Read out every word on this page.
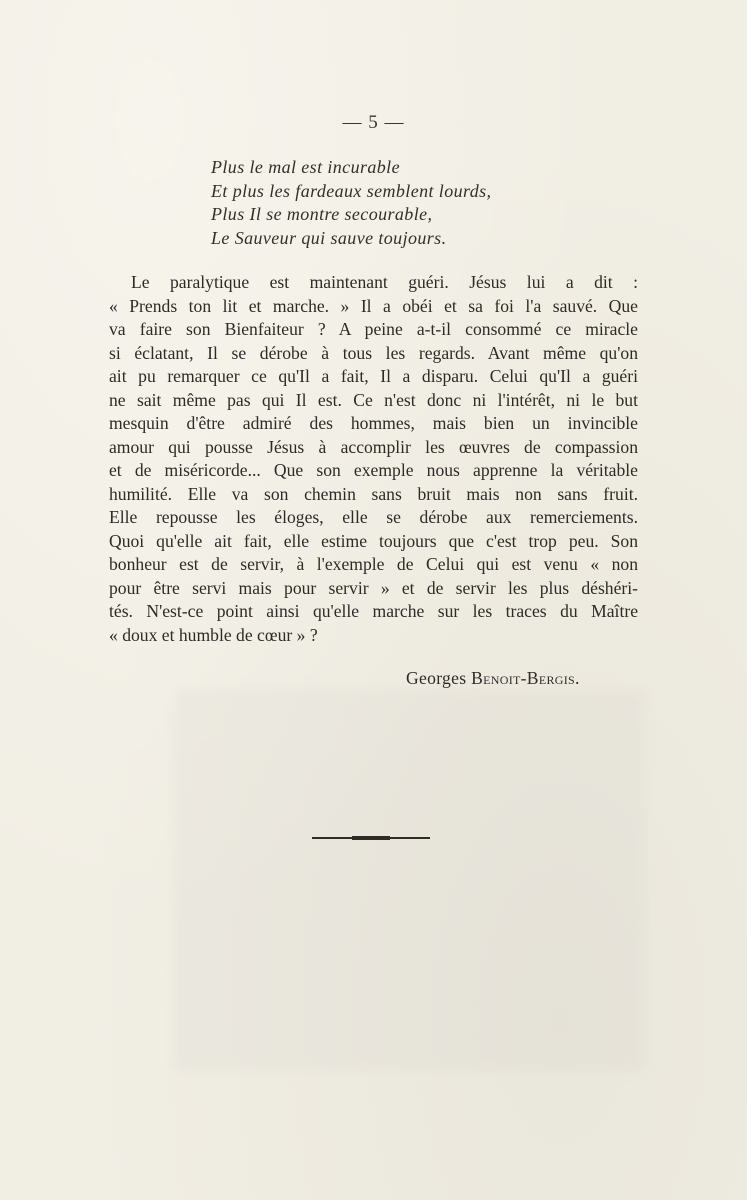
— 5 —
Plus le mal est incurable
Et plus les fardeaux semblent lourds,
Plus Il se montre secourable,
Le Sauveur qui sauve toujours.
Le paralytique est maintenant guéri. Jésus lui a dit :
« Prends ton lit et marche. » Il a obéi et sa foi l'a sauvé. Que
va faire son Bienfaiteur ? A peine a-t-il consommé ce miracle
si éclatant, Il se dérobe à tous les regards. Avant même qu'on
ait pu remarquer ce qu'Il a fait, Il a disparu. Celui qu'Il a guéri
ne sait même pas qui Il est. Ce n'est donc ni l'intérêt, ni le but
mesquin d'être admiré des hommes, mais bien un invincible
amour qui pousse Jésus à accomplir les œuvres de compassion
et de miséricorde... Que son exemple nous apprenne la véritable
humilité. Elle va son chemin sans bruit mais non sans fruit.
Elle repousse les éloges, elle se dérobe aux remerciements.
Quoi qu'elle ait fait, elle estime toujours que c'est trop peu. Son
bonheur est de servir, à l'exemple de Celui qui est venu « non
pour être servi mais pour servir » et de servir les plus déshéri-
tés. N'est-ce point ainsi qu'elle marche sur les traces du Maître
« doux et humble de cœur » ?
Georges Benoit-Bergis.
